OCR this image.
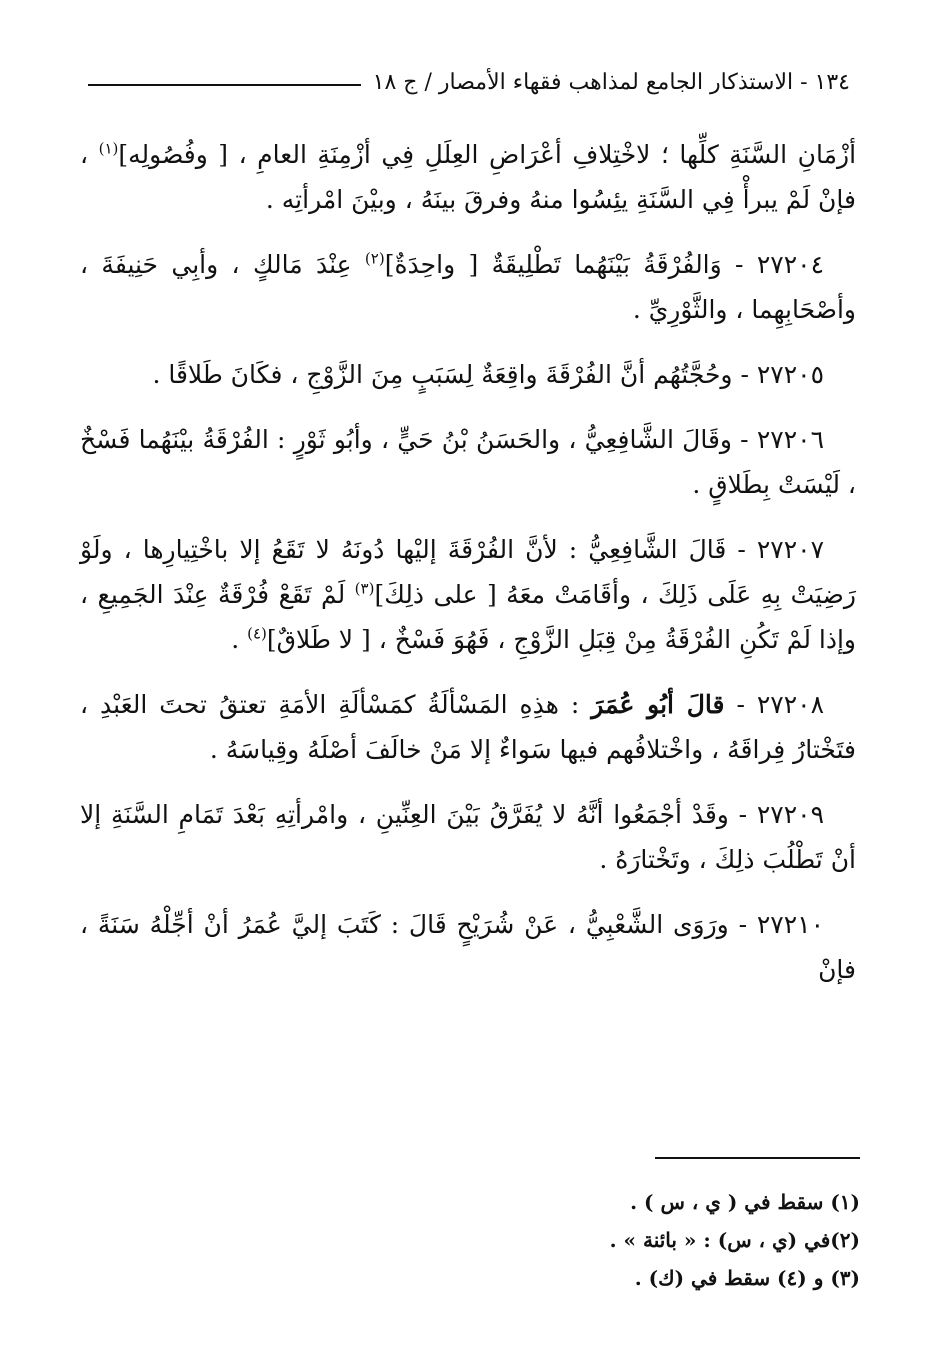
١٣٤ - الاستذكار الجامع لمذاهب فقهاء الأمصار / ج ١٨

أزْمَانِ السَّنَةِ كلِّها ؛ لاخْتِلافِ أعْرَاضِ العِلَلِ فِي أزْمِنَةِ العامِ ، [ وفُصُولِه]$^{(١)}$ ، فإنْ لَمْ يبرأْ فِي السَّنَةِ يئِسُوا منهُ وفرقَ بينَهُ ، وبيْنَ امْرأتِه .

٢٧٢٠٤ - وَالفُرْقَةُ بَيْنَهُما تَطْلِيقَةٌ [ واحِدَةٌ]$^{(٢)}$ عِنْدَ مَالكٍ ، وأبِي حَنِيفَةَ ، وأصْحَابِهِما ، والثَّوْرِيِّ .

٢٧٢٠٥ - وحُجَّتُهُم أنَّ الفُرْقَةَ واقِعَةٌ لِسَبَبٍ مِنَ الزَّوْجِ ، فكَانَ طَلاقًا .

٢٧٢٠٦ - وقَالَ الشَّافِعِيُّ ، والحَسَنُ بْنُ حَيٍّ ، وأبُو ثَوْرٍ : الفُرْقَةُ بيْنَهُما فَسْخٌ ، لَيْسَتْ بِطَلاقٍ .

٢٧٢٠٧ - قَالَ الشَّافِعِيُّ : لأنَّ الفُرْقَةَ إليْها دُونَهُ لا تَقَعُ إلا باخْتِيارِها ، ولَوْ رَضِيَتْ بِهِ عَلَى ذَلِكَ ، وأقَامَتْ معَهُ [ على ذلِكَ]$^{(٣)}$ لَمْ تَقَعْ فُرْقَةٌ عِنْدَ الجَمِيعِ ، وإذا لَمْ تَكُنِ الفُرْقَةُ مِنْ قِبَلِ الزَّوْجِ ، فَهُوَ فَسْخٌ ، [ لا طَلاقٌ]$^{(٤)}$ .

٢٧٢٠٨ - قالَ أبُو عُمَرَ : هذِهِ المَسْألَةُ كمَسْألَةِ الأمَةِ تعتقُ تحتَ العَبْدِ ، فتَخْتارُ فِراقَهُ ، واخْتلافُهم فيها سَواءٌ إلا مَنْ خالَفَ أصْلَهُ وقِياسَهُ .

٢٧٢٠٩ - وقَدْ أجْمَعُوا أنَّهُ لا يُفَرَّقُ بَيْنَ العِنِّينِ ، وامْرأتِهِ بَعْدَ تَمَامِ السَّنَةِ إلا أنْ تَطْلُبَ ذلِكَ ، وتَخْتارَهُ .

٢٧٢١٠ - ورَوَى الشَّعْبِيُّ ، عَنْ شُرَيْحٍ قَالَ : كَتَبَ إليَّ عُمَرُ أنْ أجِّلْهُ سَنَةً ، فإنْ

(١) سقط في ( ي ، س ) .

(٢)في (ي ، س) : « بائنة » .

(٣) و (٤) سقط في (ك) .
